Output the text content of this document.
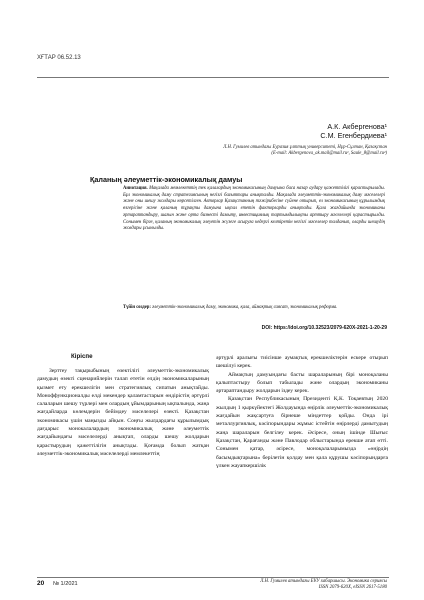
ХҒТАР 06.52.13
А.К. Акбергенова¹
С.М. Егенбердиева¹
Л.Н. Гумилев атындағы Еуразия ұлттық университеті, Нұр-Сұлтан, Қазақстан
(E-mail: Akbergenova_ak.mail@mail.ru¹, Saule_8@mail.ru²)
Қаланың әлеуметтік-экономикалық дамуы
Аннотация. Мақалада мемлекеттің тек қалалардың экономикасының дамуына баса назар аудару қажеттілігі қарастырылады. Бұл экономикалық даму стратегиясының негізгі бағыттары анықталды. Мақалада әлеуметтік-экономикалық даму мәселелері және оны шешу жолдары көрсетілген. Авторлар Қазақстанның тәжірибесіне сүйене отырып, ел экономикасының құрылымдық өзгерісіне және қаланың тұрақты дамуына ықпал ететін факторларды анықтады. Қала жағдайында экономиканы әртараптандыру, шағын және орта бизнесті дамыту, инвестициялық тартымдылықты арттыру мәселелері қарастырылды. Сонымен бірге, қаланың экономикалық әлеуетін жүзеге асыруға кедергі келтіретін негізгі мәселелер талданып, оларды шешудің жолдары ұсынылды.
Түйін сөздер: әлеуметтік-экономикалық даму, экономика, қала, аймақтық саясат, экономикалық реформа.
DOI: https://doi.org/10.32523/2079-620X-2021-1-20-29
Кіріспе

Зерттеу тақырыбының өзектілігі әлеуметтік-экономикалық дамудың өзекті сценарийлерін талап ететін елдің экономикаларының қызмет ету ерекшелігін мен стратегиялық сипатын анықтайды. Моноффункционалды елді мекендер қаламтастарын өндірістің әртүрлі салаларын шешу түрлері мен олардың ұйымдарының ықпалында, жаңа жағдайларда көлемдерін бейімдеу мәселелері өзекті. Қазақстан экономикасы үшін маңызды айқын. Соңғы жылдардағы құрылымдық дағдарыс монокалалардың экономикалық және әлеуметтік жағдайындағы мәселелерді анықтап, оларды шешу жолдарын қарастырудың қажеттілігін анықтады. Қоғамда болып жатқан әлеуметтік-экономикалық мәселелерді мемлекеттің

әртүрлі аралығы тиісінше аумақтық ерекшеліктерін ескере отырып шешілуі керек.

Аймақтың дамуындағы басты шараларының бірі моноқаланы қалыптастыру болып табылады және олардың экономиканы әртараптандыру жолдарын іздеу керек.

Қазақстан Республикасының Президенті Қ.К. Тоқаевтың 2020 жылдың 1 қыркүйектегі Жолдауында өңірлік әлеуметтік-экономикалық жағдайын жақсартуға бірнеше міндеттер қойды. Онда ірі металлургиялық, кәсіпорындары жұмыс істейтін өңірлерді дамытудың жаңа шараларын белгілеу керек. Әсіресе, оның ішінде Шығыс Қазақстан, Қарағанды және Павлодар облыстарында ерекше атап өтті. Сонымен қатар, әсіресе, моноқалаларымызда «өңірдің басымдықтарына» берілетін қолдау мен қала құрушы кәсіпорындарға үлкен жауапкершілік

20 № 1/2021	Л.Н. Гумилев атындағы ЕҰУ хабаршысы. Экономика сериясы
ISSN 2079-620X, eISSN 2617-5180
